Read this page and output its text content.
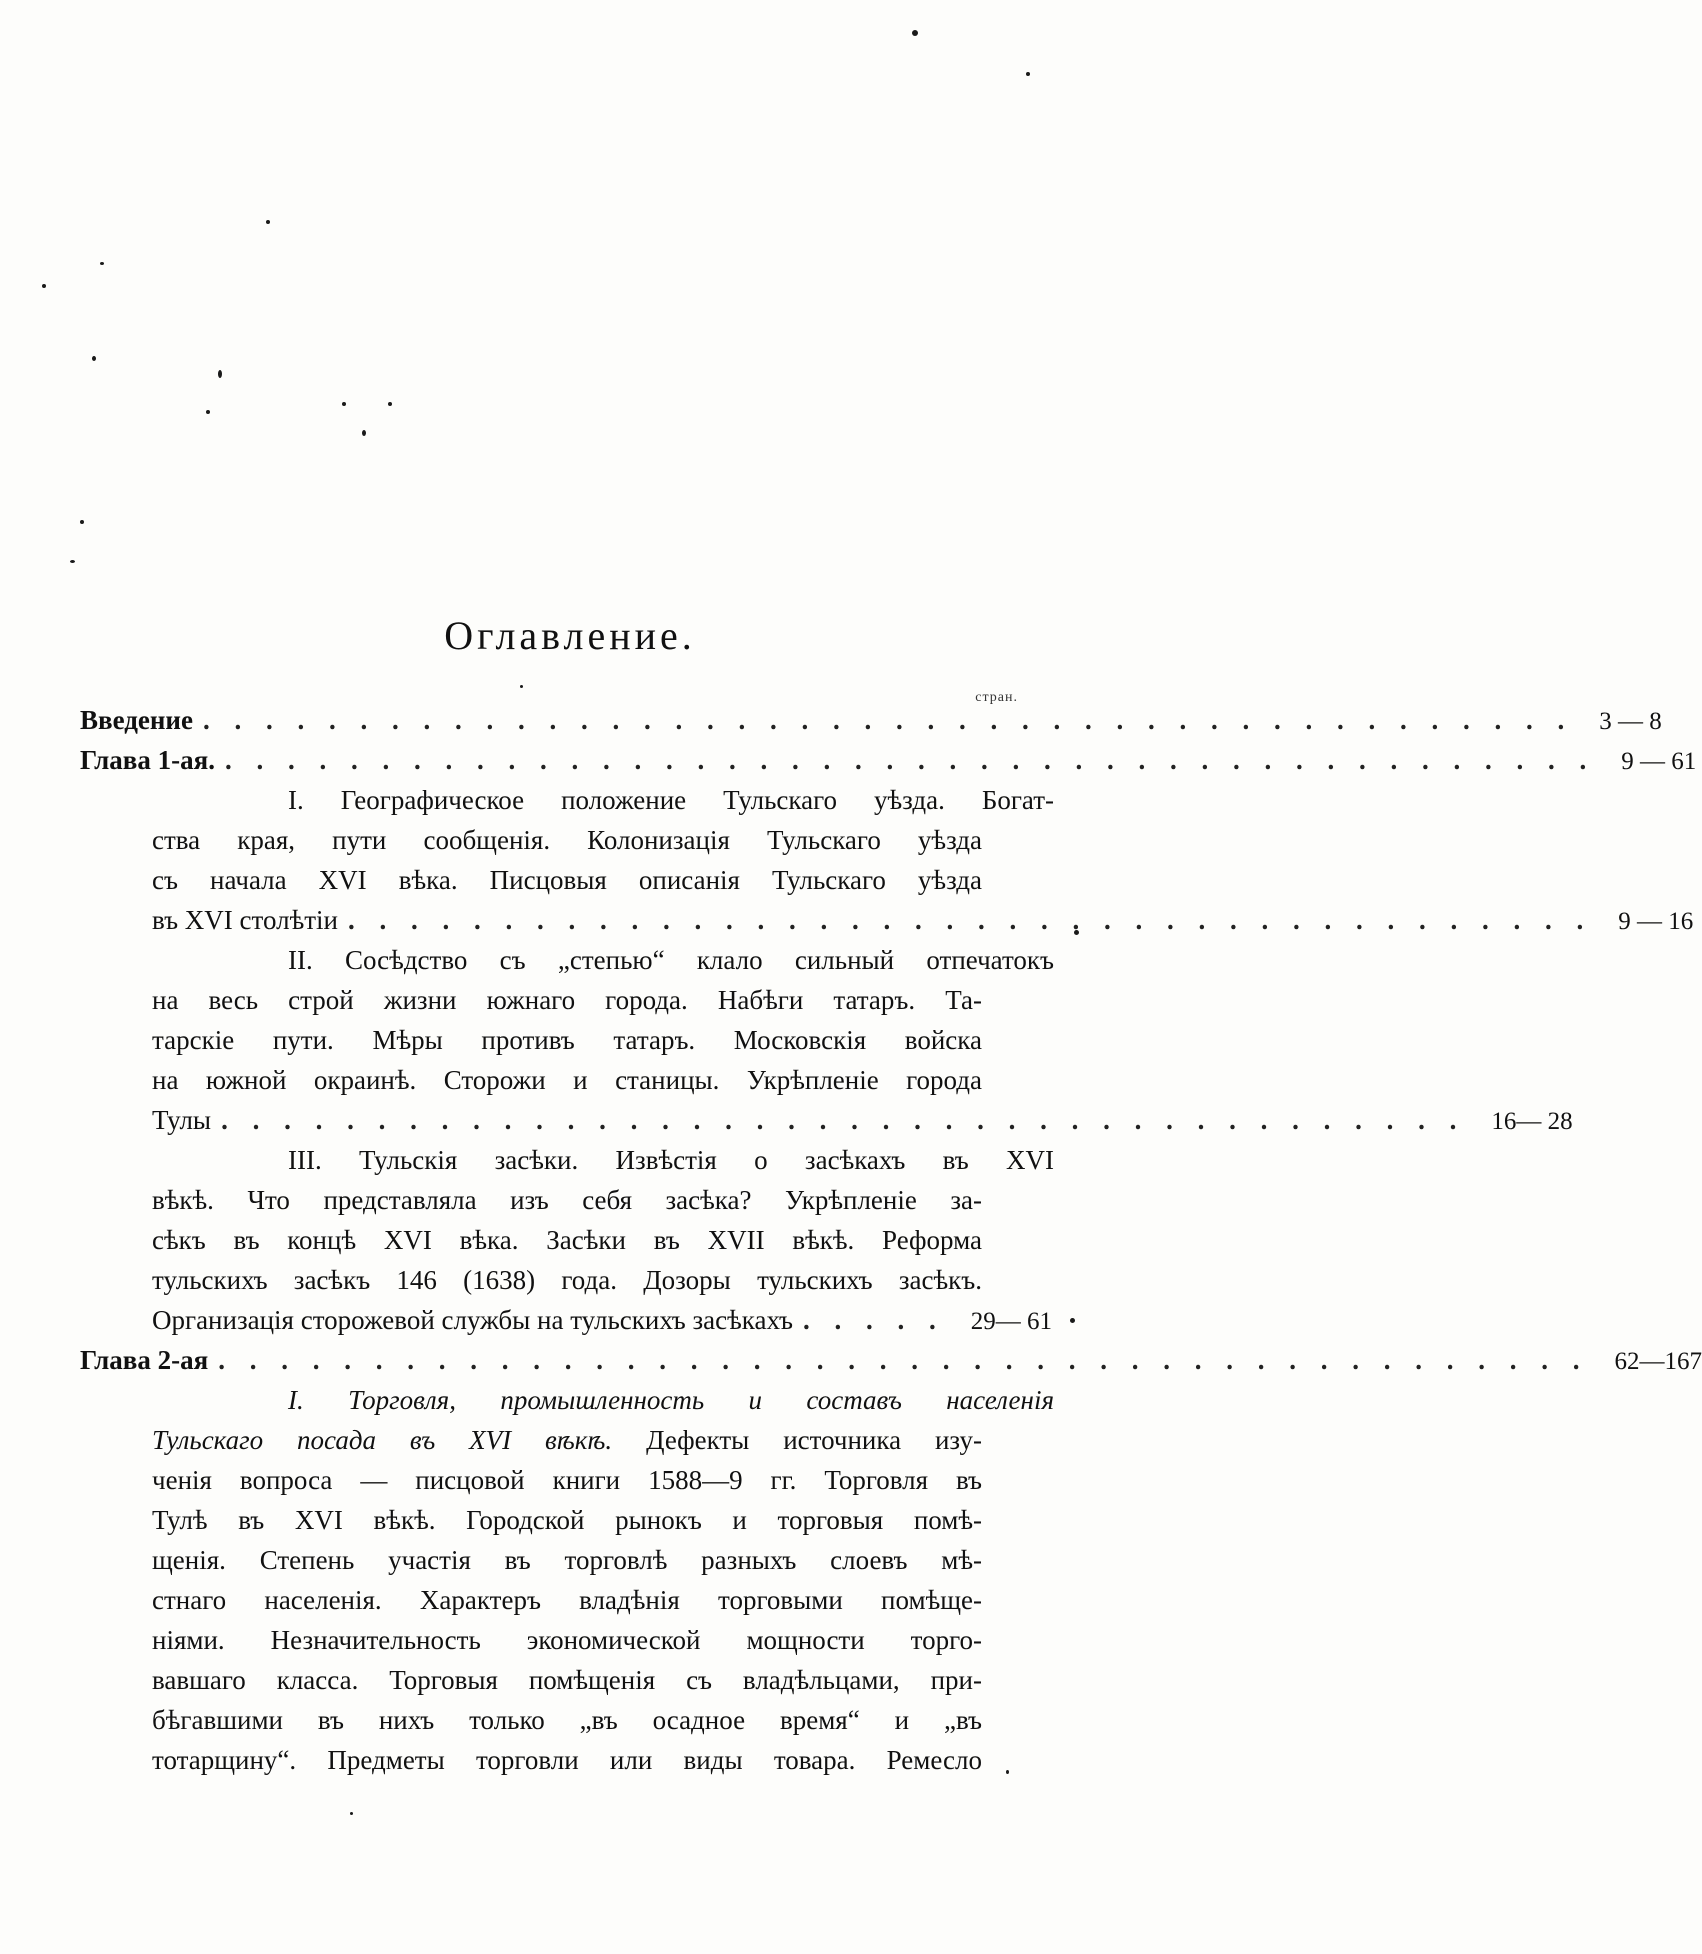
Оглавление.
стран.
Введение . . . . . . . . . . . . . . . . . . . . . . . . . . . . . . . . . . . . . . . . . . . .	3 — 8
Глава 1-ая. . . . . . . . . . . . . . . . . . . . . . . . . . . . . . . . . . . . . . . . . . . . .	9 — 61
I. Географическое положение Тульскаго уѣзда. Богат-
ства края, пути сообщенія. Колонизація Тульскаго уѣзда
съ начала XVI вѣка. Писцовыя описанія Тульскаго уѣзда
въ XVI столѣтіи . . . . . . . . . . . . . . . . . . . . . . . . . . . . . . . . . . . . . . . .	9 — 16
II. Сосѣдство съ „степью“ клало сильный отпечатокъ
на весь строй жизни южнаго города. Набѣги татаръ. Та-
тарскіе пути. Мѣры противъ татаръ. Московскія войска
на южной окраинѣ. Сторожи и станицы. Укрѣпленіе города
Тулы . . . . . . . . . . . . . . . . . . . . . . . . . . . . . . . . . . . . . . . .	16— 28
III. Тульскія засѣки. Извѣстія о засѣкахъ въ XVI
вѣкѣ. Что представляла изъ себя засѣка? Укрѣпленіе за-
сѣкъ въ концѣ XVI вѣка. Засѣки въ XVII вѣкѣ. Реформа
тульскихъ засѣкъ 146 (1638) года. Дозоры тульскихъ засѣкъ.
Организація сторожевой службы на тульскихъ засѣкахъ . . . . .	29— 61
Глава 2-ая . . . . . . . . . . . . . . . . . . . . . . . . . . . . . . . . . . . . . . . . . . . .	62—167
I. Торговля, промышленность и составъ населенія
Тульскаго посада въ XVI вѣкѣ. Дефекты источника изу-
ченія вопроса — писцовой книги 1588—9 гг. Торговля въ
Тулѣ въ XVI вѣкѣ. Городской рынокъ и торговыя помѣ-
щенія. Степень участія въ торговлѣ разныхъ слоевъ мѣ-
стнаго населенія. Характеръ владѣнія торговыми помѣще-
ніями. Незначительность экономической мощности торго-
вавшаго класса. Торговыя помѣщенія съ владѣльцами, при-
бѣгавшими въ нихъ только „въ осадное время“ и „въ
тотарщину“. Предметы торговли или виды товара. Ремесло
